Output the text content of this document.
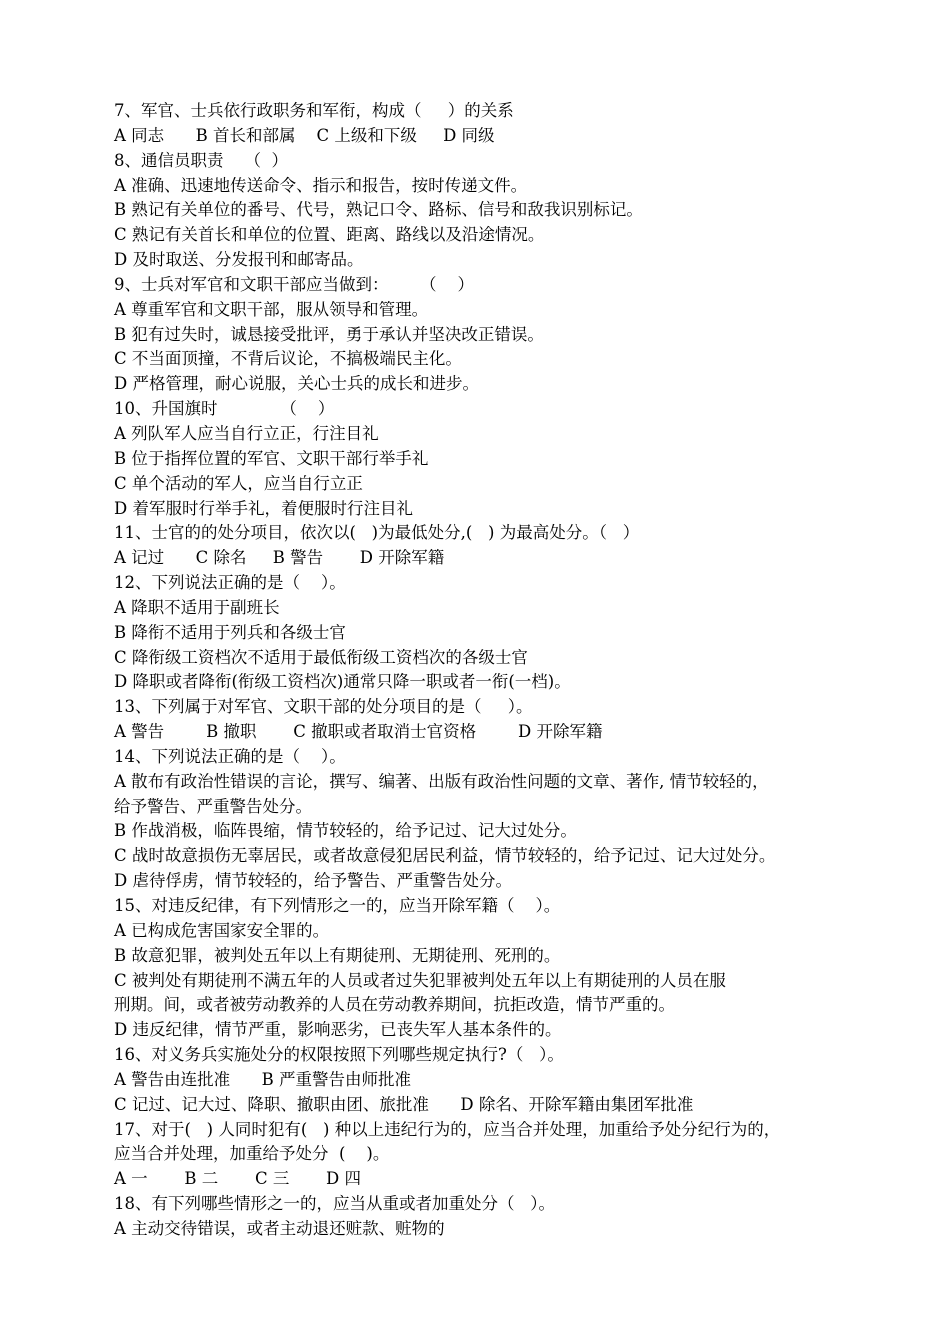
7、军官、士兵依行政职务和军衔，构成（     ）的关系
A 同志      B 首长和部属    C 上级和下级     D 同级
8、通信员职责    （  ）
A 准确、迅速地传送命令、指示和报告，按时传递文件。
B 熟记有关单位的番号、代号，熟记口令、路标、信号和敌我识别标记。
C 熟记有关首长和单位的位置、距离、路线以及沿途情况。
D 及时取送、分发报刊和邮寄品。
9、士兵对军官和文职干部应当做到：      （    ）
A 尊重军官和文职干部，服从领导和管理。
B 犯有过失时，诚恳接受批评，勇于承认并坚决改正错误。
C 不当面顶撞，不背后议论，不搞极端民主化。
D 严格管理，耐心说服，关心士兵的成长和进步。
10、升国旗时            （    ）
A 列队军人应当自行立正，行注目礼
B 位于指挥位置的军官、文职干部行举手礼
C 单个活动的军人，应当自行立正
D 着军服时行举手礼，着便服时行注目礼
11、士官的的处分项目，依次以(   )为最低处分,(   ) 为最高处分。（   ）
A 记过      C 除名     B 警告       D 开除军籍
12、下列说法正确的是（    ）。
A 降职不适用于副班长
B 降衔不适用于列兵和各级士官
C 降衔级工资档次不适用于最低衔级工资档次的各级士官
D 降职或者降衔(衔级工资档次)通常只降一职或者一衔(一档)。
13、下列属于对军官、文职干部的处分项目的是（     ）。
A 警告        B 撤职       C 撤职或者取消士官资格        D 开除军籍
14、下列说法正确的是（    ）。
A 散布有政治性错误的言论，撰写、编著、出版有政治性问题的文章、著作, 情节较轻的，
给予警告、严重警告处分。
B 作战消极，临阵畏缩，情节较轻的，给予记过、记大过处分。
C 战时故意损伤无辜居民，或者故意侵犯居民利益，情节较轻的，给予记过、记大过处分。
D 虐待俘虏，情节较轻的，给予警告、严重警告处分。
15、对违反纪律，有下列情形之一的，应当开除军籍（    ）。
A 已构成危害国家安全罪的。
B 故意犯罪，被判处五年以上有期徒刑、无期徒刑、死刑的。
C 被判处有期徒刑不满五年的人员或者过失犯罪被判处五年以上有期徒刑的人员在服
刑期。间，或者被劳动教养的人员在劳动教养期间，抗拒改造，情节严重的。
D 违反纪律，情节严重，影响恶劣，已丧失军人基本条件的。
16、对义务兵实施处分的权限按照下列哪些规定执行?（   ）。
A 警告由连批准      B 严重警告由师批准
C 记过、记大过、降职、撤职由团、旅批准      D 除名、开除军籍由集团军批准
17、对于(   ) 人同时犯有(   ) 种以上违纪行为的，应当合并处理，加重给予处分纪行为的，
应当合并处理，加重给予处分  (    )。
A 一       B 二       C 三       D 四
18、有下列哪些情形之一的，应当从重或者加重处分（   ）。
A 主动交待错误，或者主动退还赃款、赃物的
